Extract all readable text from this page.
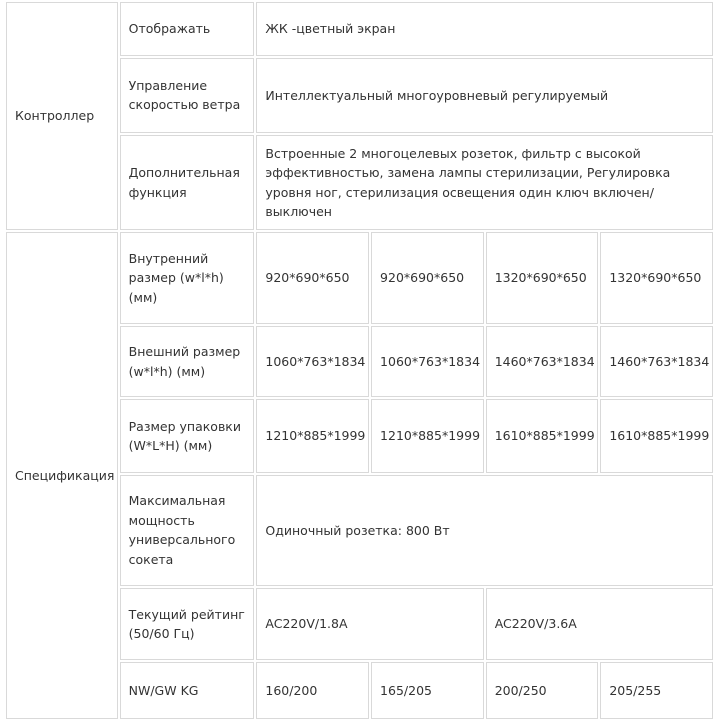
Контроллер	Отображать	ЖК -цветный экран			
	Управление скоростью ветра	Интеллектуальный многоуровневый регулируемый			
	Дополнительная функция	Встроенные 2 многоцелевых розеток, фильтр с высокой эффективностью, замена лампы стерилизации, Регулировка уровня ног, стерилизация освещения один ключ включен/ выключен			
Спецификация	Внутренний размер (w*l*h) (мм)	920*690*650	920*690*650	1320*690*650	1320*690*650
	Внешний размер (w*l*h) (мм)	1060*763*1834	1060*763*1834	1460*763*1834	1460*763*1834
	Размер упаковки (W*L*H) (мм)	1210*885*1999	1210*885*1999	1610*885*1999	1610*885*1999
	Максимальная мощность универсального сокета	Одиночный розетка: 800 Вт			
	Текущий рейтинг (50/60 Гц)	AC220V/1.8A		AC220V/3.6A	
	NW/GW KG	160/200	165/205	200/250	205/255
